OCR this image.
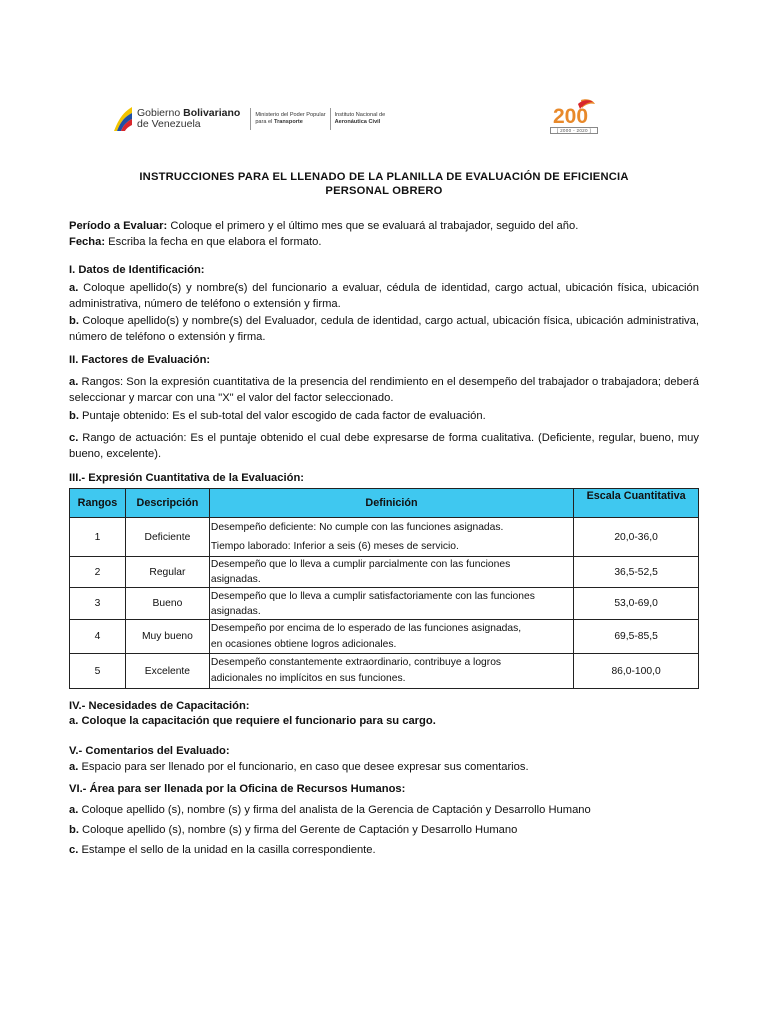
Gobierno Bolivariano
de Venezuela
Ministerio del Poder Popular
para el Transporte
Instituto Nacional de
Aeronáutica Civil	200
[ 2000 - 2020 ]
INSTRUCCIONES PARA EL LLENADO DE LA PLANILLA DE EVALUACIÓN DE EFICIENCIA
PERSONAL OBRERO
Período a Evaluar: Coloque el primero y el último mes que se evaluará al trabajador, seguido del año.
Fecha: Escriba la fecha en que elabora el formato.
I. Datos de Identificación:
a. Coloque apellido(s) y nombre(s) del funcionario a evaluar, cédula de identidad, cargo actual, ubicación física, ubicación administrativa, número de teléfono o extensión y firma.
b. Coloque apellido(s) y nombre(s) del Evaluador, cedula de identidad, cargo actual, ubicación física, ubicación administrativa, número de teléfono o extensión y firma.
II. Factores de Evaluación:
a. Rangos: Son la expresión cuantitativa de la presencia del rendimiento en el desempeño del trabajador o trabajadora; deberá seleccionar y marcar con una "X" el valor del factor seleccionado.
b. Puntaje obtenido: Es el sub-total del valor escogido de cada factor de evaluación.
c. Rango de actuación: Es el puntaje obtenido el cual debe expresarse de forma cualitativa. (Deficiente, regular, bueno, muy bueno, excelente).
III.- Expresión Cuantitativa de la Evaluación:
Rangos	Descripción	Definición	Escala Cuantitativa
1	Deficiente	Desempeño deficiente: No cumple con las funciones asignadas.
Tiempo laborado: Inferior a seis (6) meses de servicio.	20,0-36,0
2	Regular	Desempeño que lo lleva a cumplir parcialmente con las funciones
asignadas.	36,5-52,5
3	Bueno	Desempeño que lo lleva a cumplir satisfactoriamente con las funciones
asignadas.	53,0-69,0
4	Muy bueno	Desempeño por encima de lo esperado de las funciones asignadas,
en ocasiones obtiene logros adicionales.	69,5-85,5
5	Excelente	Desempeño constantemente extraordinario, contribuye a logros
adicionales no implícitos en sus funciones.	86,0-100,0
IV.- Necesidades de Capacitación:
a. Coloque la capacitación que requiere el funcionario para su cargo.
V.- Comentarios del Evaluado:
a. Espacio para ser llenado por el funcionario, en caso que desee expresar sus comentarios.
VI.- Área para ser llenada por la Oficina de Recursos Humanos:
a. Coloque apellido (s), nombre (s) y firma del analista de la Gerencia de Captación y Desarrollo Humano
b. Coloque apellido (s), nombre (s) y firma del Gerente de Captación y Desarrollo Humano
c. Estampe el sello de la unidad en la casilla correspondiente.
